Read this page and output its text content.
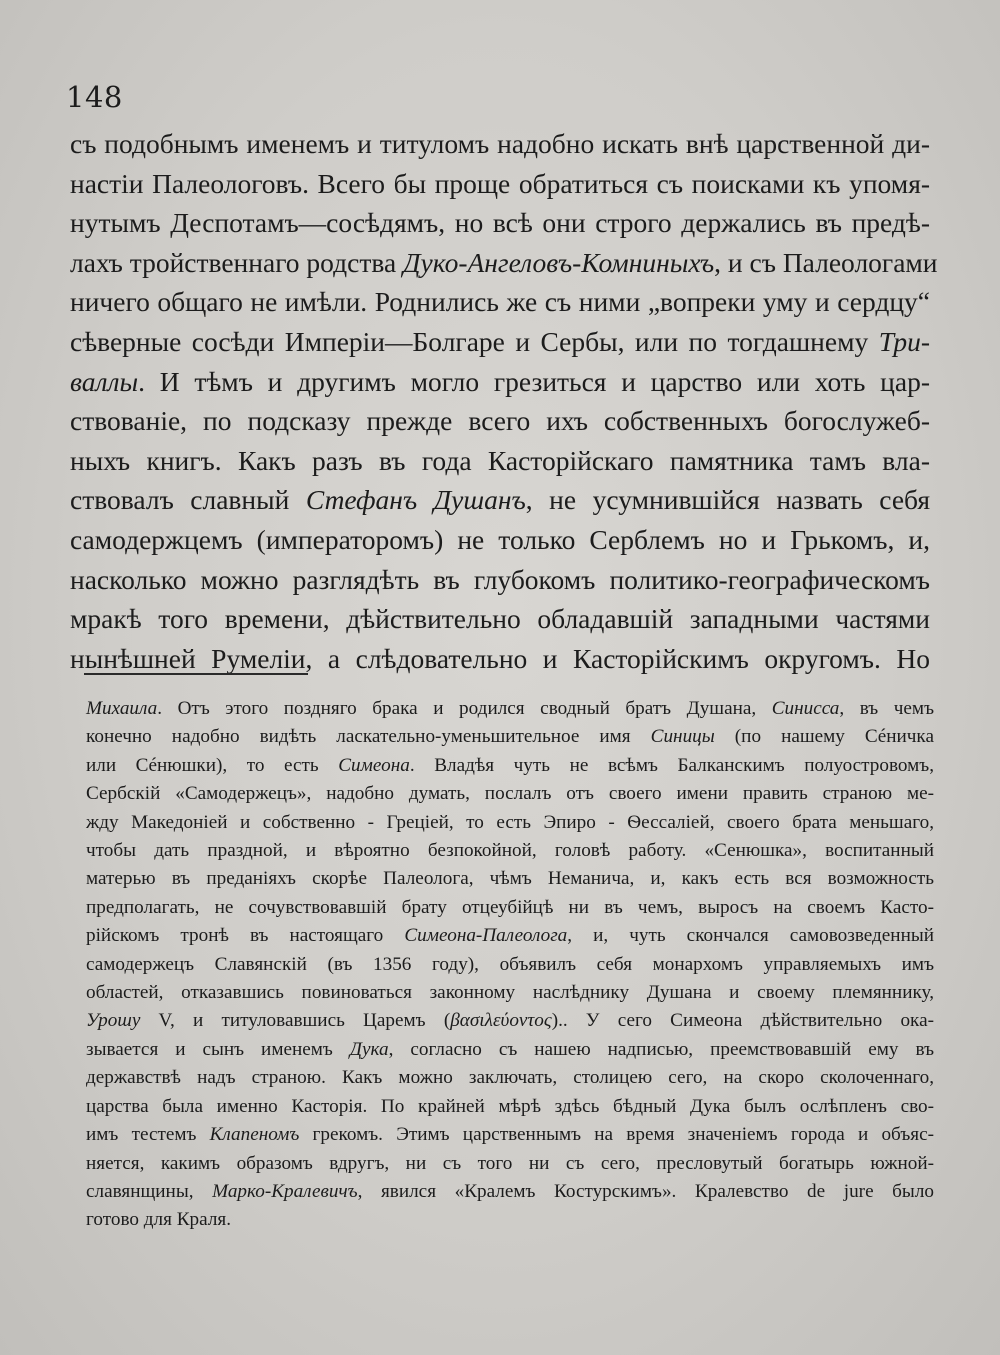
148
съ подобнымъ именемъ и титуломъ надобно искать внѣ царственной ди-
настіи Палеологовъ. Всего бы проще обратиться съ поисками къ упомя-
нутымъ Деспотамъ—сосѣдямъ, но всѣ они строго держались въ предѣ-
лахъ тройственнаго родства Дуко-Ангеловъ-Комниныхъ, и съ Палеологами
ничего общаго не имѣли. Роднились же съ ними „вопреки уму и сердцу“
сѣверные сосѣди Имперіи—Болгаре и Сербы, или по тогдашнему Три-
валлы. И тѣмъ и другимъ могло грезиться и царство или хоть цар-
ствованіе, по подсказу прежде всего ихъ собственныхъ богослужеб-
ныхъ книгъ. Какъ разъ въ года Касторійскаго памятника тамъ вла-
ствовалъ славный Стефанъ Душанъ, не усумнившійся назвать себя
самодержцемъ (императоромъ) не только Серблемъ но и Грькомъ, и,
насколько можно разглядѣть въ глубокомъ политико-географическомъ
мракѣ того времени, дѣйствительно обладавшій западными частями
нынѣшней Румеліи, а слѣдовательно и Касторійскимъ округомъ. Но
Михаила. Отъ этого поздняго брака и родился сводный братъ Душана, Синисса, въ чемъ
конечно надобно видѣть ласкательно-уменьшительное имя Синицы (по нашему Сéничка
или Сéнюшки), то есть Симеона. Владѣя чуть не всѣмъ Балканскимъ полуостровомъ,
Сербскій «Самодержецъ», надобно думать, послалъ отъ своего имени править страною ме-
жду Македоніей и собственно - Греціей, то есть Эпиро - Ѳессаліей, своего брата меньшаго,
чтобы дать праздной, и вѣроятно безпокойной, головѣ работу. «Сенюшка», воспитанный
матерью въ преданіяхъ скорѣе Палеолога, чѣмъ Неманича, и, какъ есть вся возможность
предполагать, не сочувствовавшій брату отцеубійцѣ ни въ чемъ, выросъ на своемъ Касто-
рійскомъ тронѣ въ настоящаго Симеона-Палеолога, и, чуть скончался самовозведенный
самодержецъ Славянскій (въ 1356 году), объявилъ себя монархомъ управляемыхъ имъ
областей, отказавшись повиноваться законному наслѣднику Душана и своему племяннику,
Урошу V, и титуловавшись Царемъ (βασιλεύοντος).. У сего Симеона дѣйствительно ока-
зывается и сынъ именемъ Дука, согласно съ нашею надписью, преемствовавшій ему въ
державствѣ надъ страною. Какъ можно заключать, столицею сего, на скоро сколоченнаго,
царства была именно Касторія. По крайней мѣрѣ здѣсь бѣдный Дука былъ ослѣпленъ сво-
имъ тестемъ Клапеномъ грекомъ. Этимъ царственнымъ на время значеніемъ города и объяс-
няется, какимъ образомъ вдругъ, ни съ того ни съ сего, пресловутый богатырь южной-
славянщины, Марко-Кралевичъ, явился «Кралемъ Костурскимъ». Кралевство de jure было
готово для Краля.
